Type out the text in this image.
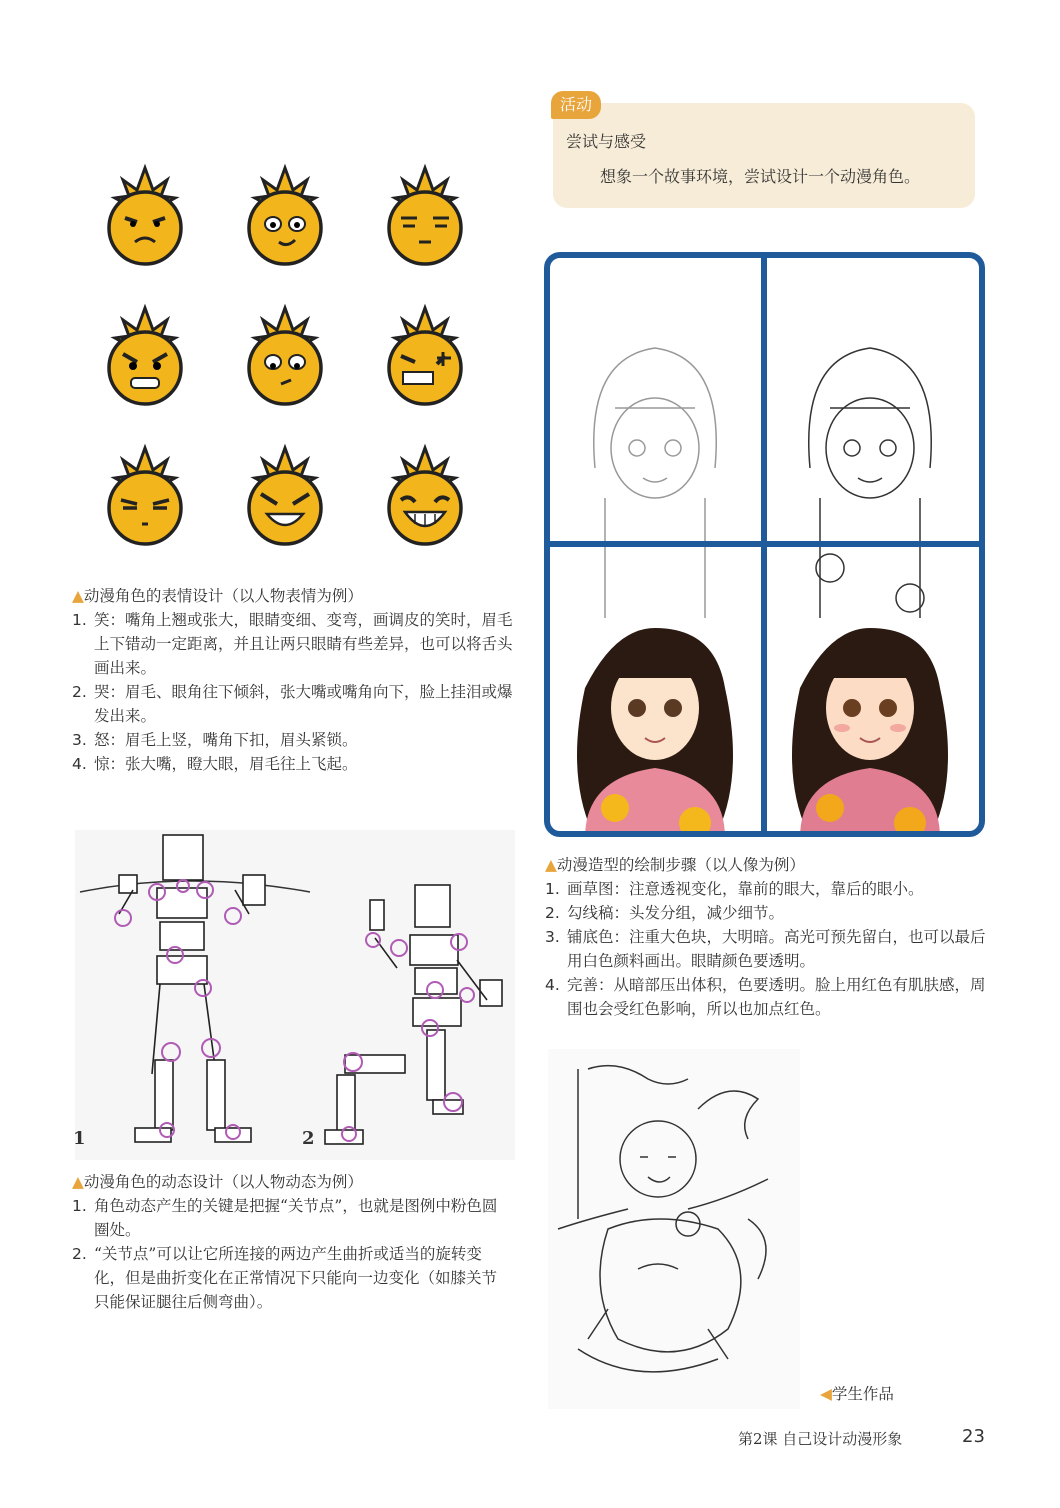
活动
尝试与感受
想象一个故事环境，尝试设计一个动漫角色。
▲动漫角色的表情设计（以人物表情为例）
1. 笑：嘴角上翘或张大，眼睛变细、变弯，画调皮的笑时，眉毛上下错动一定距离，并且让两只眼睛有些差异，也可以将舌头画出来。
2. 哭：眉毛、眼角往下倾斜，张大嘴或嘴角向下，脸上挂泪或爆发出来。
3. 怒：眉毛上竖，嘴角下扣，眉头紧锁。
4. 惊：张大嘴，瞪大眼，眉毛往上飞起。
▲动漫造型的绘制步骤（以人像为例）
1. 画草图：注意透视变化，靠前的眼大，靠后的眼小。
2. 勾线稿：头发分组，减少细节。
3. 铺底色：注重大色块，大明暗。高光可预先留白，也可以最后用白色颜料画出。眼睛颜色要透明。
4. 完善：从暗部压出体积，色要透明。脸上用红色有肌肤感，周围也会受红色影响，所以也加点红色。
1	2
▲动漫角色的动态设计（以人物动态为例）
1. 角色动态产生的关键是把握“关节点”，也就是图例中粉色圆圈处。
2. “关节点”可以让它所连接的两边产生曲折或适当的旋转变化，但是曲折变化在正常情况下只能向一边变化（如膝关节只能保证腿往后侧弯曲）。
◀学生作品
第2课 自己设计动漫形象	23
